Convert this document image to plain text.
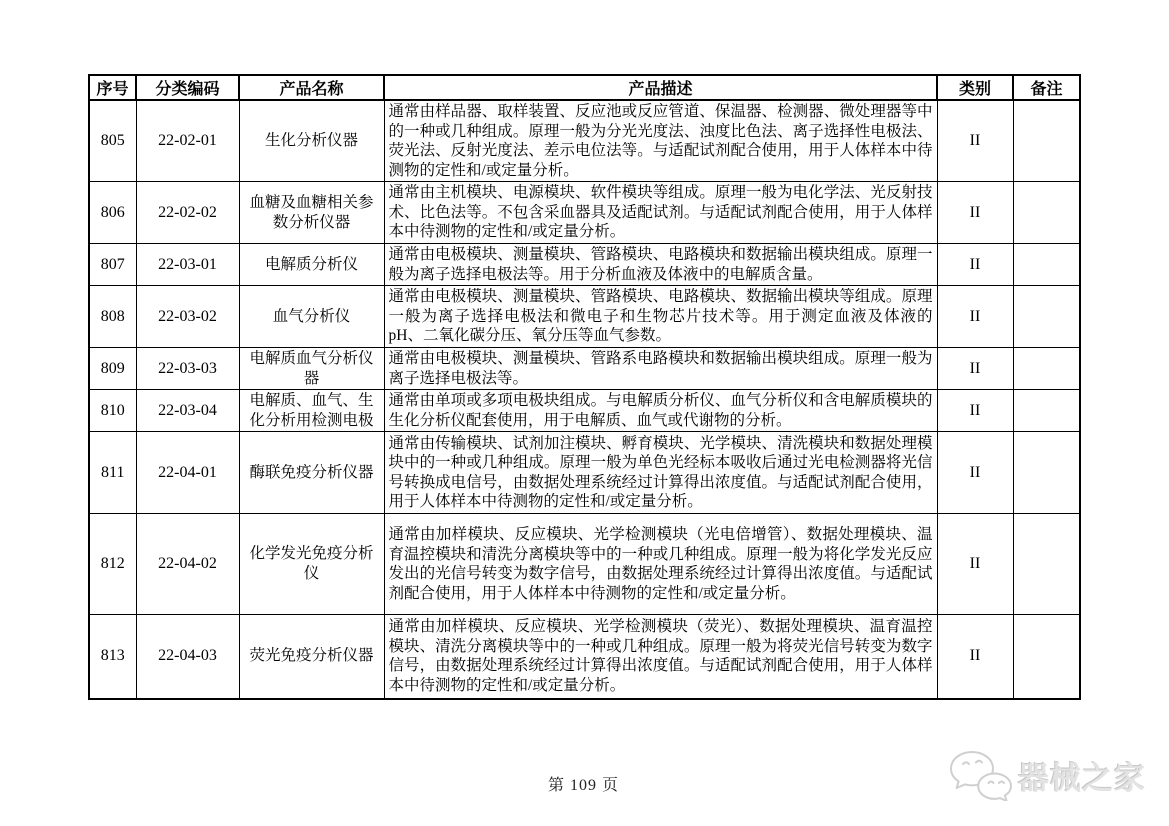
序号	分类编码	产品名称	产品描述	类别	备注
805	22-02-01	生化分析仪器	通常由样品器、取样装置、反应池或反应管道、保温器、检测器、微处理器等中的一种或几种组成。原理一般为分光光度法、浊度比色法、离子选择性电极法、荧光法、反射光度法、差示电位法等。与适配试剂配合使用，用于人体样本中待测物的定性和/或定量分析。	II	
806	22-02-02	血糖及血糖相关参数分析仪器	通常由主机模块、电源模块、软件模块等组成。原理一般为电化学法、光反射技术、比色法等。不包含采血器具及适配试剂。与适配试剂配合使用，用于人体样本中待测物的定性和/或定量分析。	II	
807	22-03-01	电解质分析仪	通常由电极模块、测量模块、管路模块、电路模块和数据输出模块组成。原理一般为离子选择电极法等。用于分析血液及体液中的电解质含量。	II	
808	22-03-02	血气分析仪	通常由电极模块、测量模块、管路模块、电路模块、数据输出模块等组成。原理一般为离子选择电极法和微电子和生物芯片技术等。用于测定血液及体液的pH、二氧化碳分压、氧分压等血气参数。	II	
809	22-03-03	电解质血气分析仪器	通常由电极模块、测量模块、管路系电路模块和数据输出模块组成。原理一般为离子选择电极法等。	II	
810	22-03-04	电解质、血气、生化分析用检测电极	通常由单项或多项电极块组成。与电解质分析仪、血气分析仪和含电解质模块的生化分析仪配套使用，用于电解质、血气或代谢物的分析。	II	
811	22-04-01	酶联免疫分析仪器	通常由传输模块、试剂加注模块、孵育模块、光学模块、清洗模块和数据处理模块中的一种或几种组成。原理一般为单色光经标本吸收后通过光电检测器将光信号转换成电信号，由数据处理系统经过计算得出浓度值。与适配试剂配合使用，用于人体样本中待测物的定性和/或定量分析。	II	
812	22-04-02	化学发光免疫分析仪	通常由加样模块、反应模块、光学检测模块（光电倍增管）、数据处理模块、温育温控模块和清洗分离模块等中的一种或几种组成。原理一般为将化学发光反应发出的光信号转变为数字信号，由数据处理系统经过计算得出浓度值。与适配试剂配合使用，用于人体样本中待测物的定性和/或定量分析。	II	
813	22-04-03	荧光免疫分析仪器	通常由加样模块、反应模块、光学检测模块（荧光）、数据处理模块、温育温控模块、清洗分离模块等中的一种或几种组成。原理一般为将荧光信号转变为数字信号，由数据处理系统经过计算得出浓度值。与适配试剂配合使用，用于人体样本中待测物的定性和/或定量分析。	II	
第 109 页	器械之家
